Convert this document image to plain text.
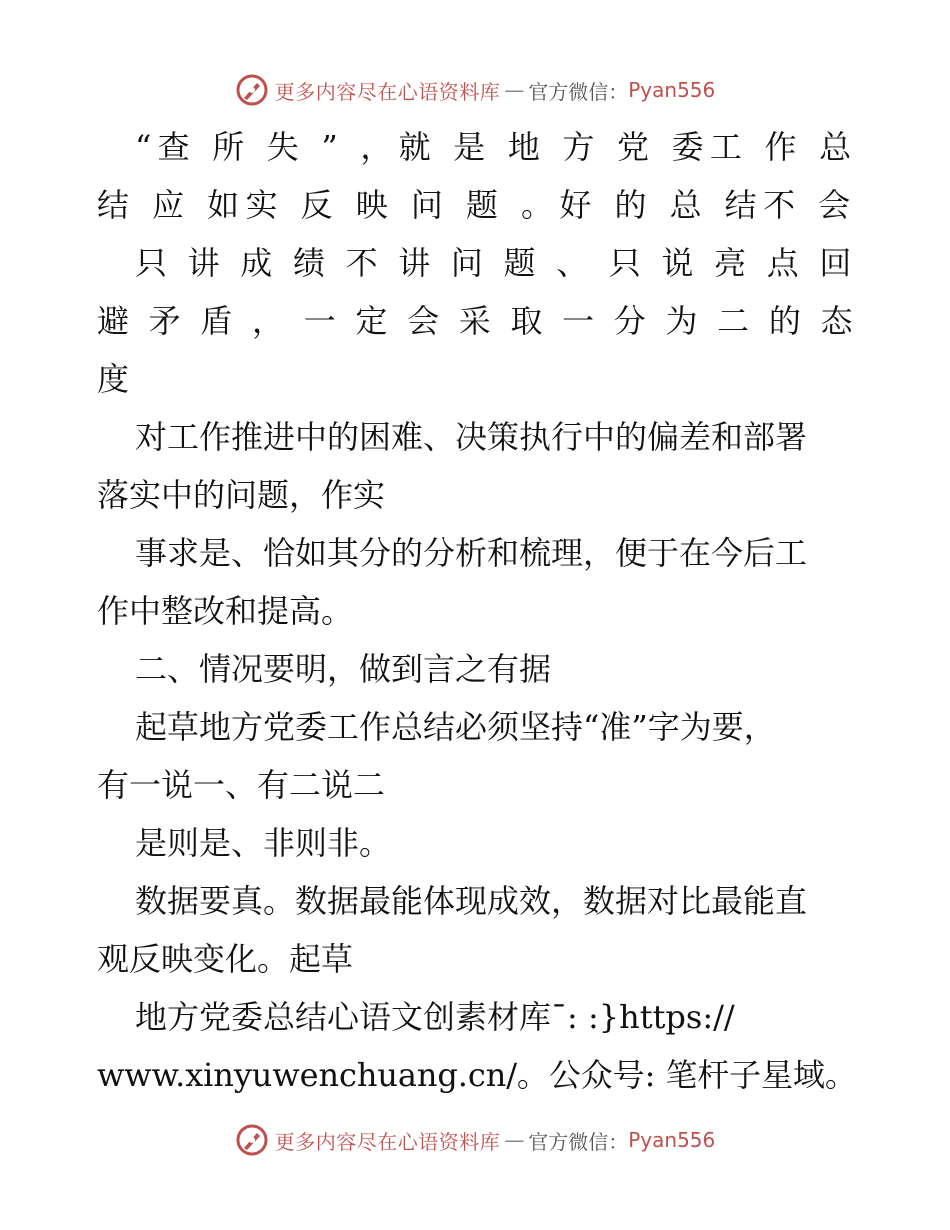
更多内容尽在心语资料库 — 官方微信： Pyan556
“查 所 失 ” ，就 是 地 方 党 委工 作 总
结 应 如实 反 映 问 题 。好 的 总 结不 会
只 讲 成 绩 不 讲 问 题 、 只 说 亮 点 回
避 矛 盾 ， 一 定 会 采 取 一 分 为 二 的 态
度
对工作推进中的困难、决策执行中的偏差和部署
落实中的问题，作实
事求是、恰如其分的分析和梳理，便于在今后工
作中整改和提高。
二、情况要明，做到言之有据
起草地方党委工作总结必须坚持“准”字为要，
有一说一、有二说二
是则是、非则非。
数据要真。数据最能体现成效，数据对比最能直
观反映变化。起草
地方党委总结心语文创素材库¯: :}https://
www.xinyuwenchuang.cn/。公众号: 笔杆子星域。
更多内容尽在心语资料库 — 官方微信： Pyan556
